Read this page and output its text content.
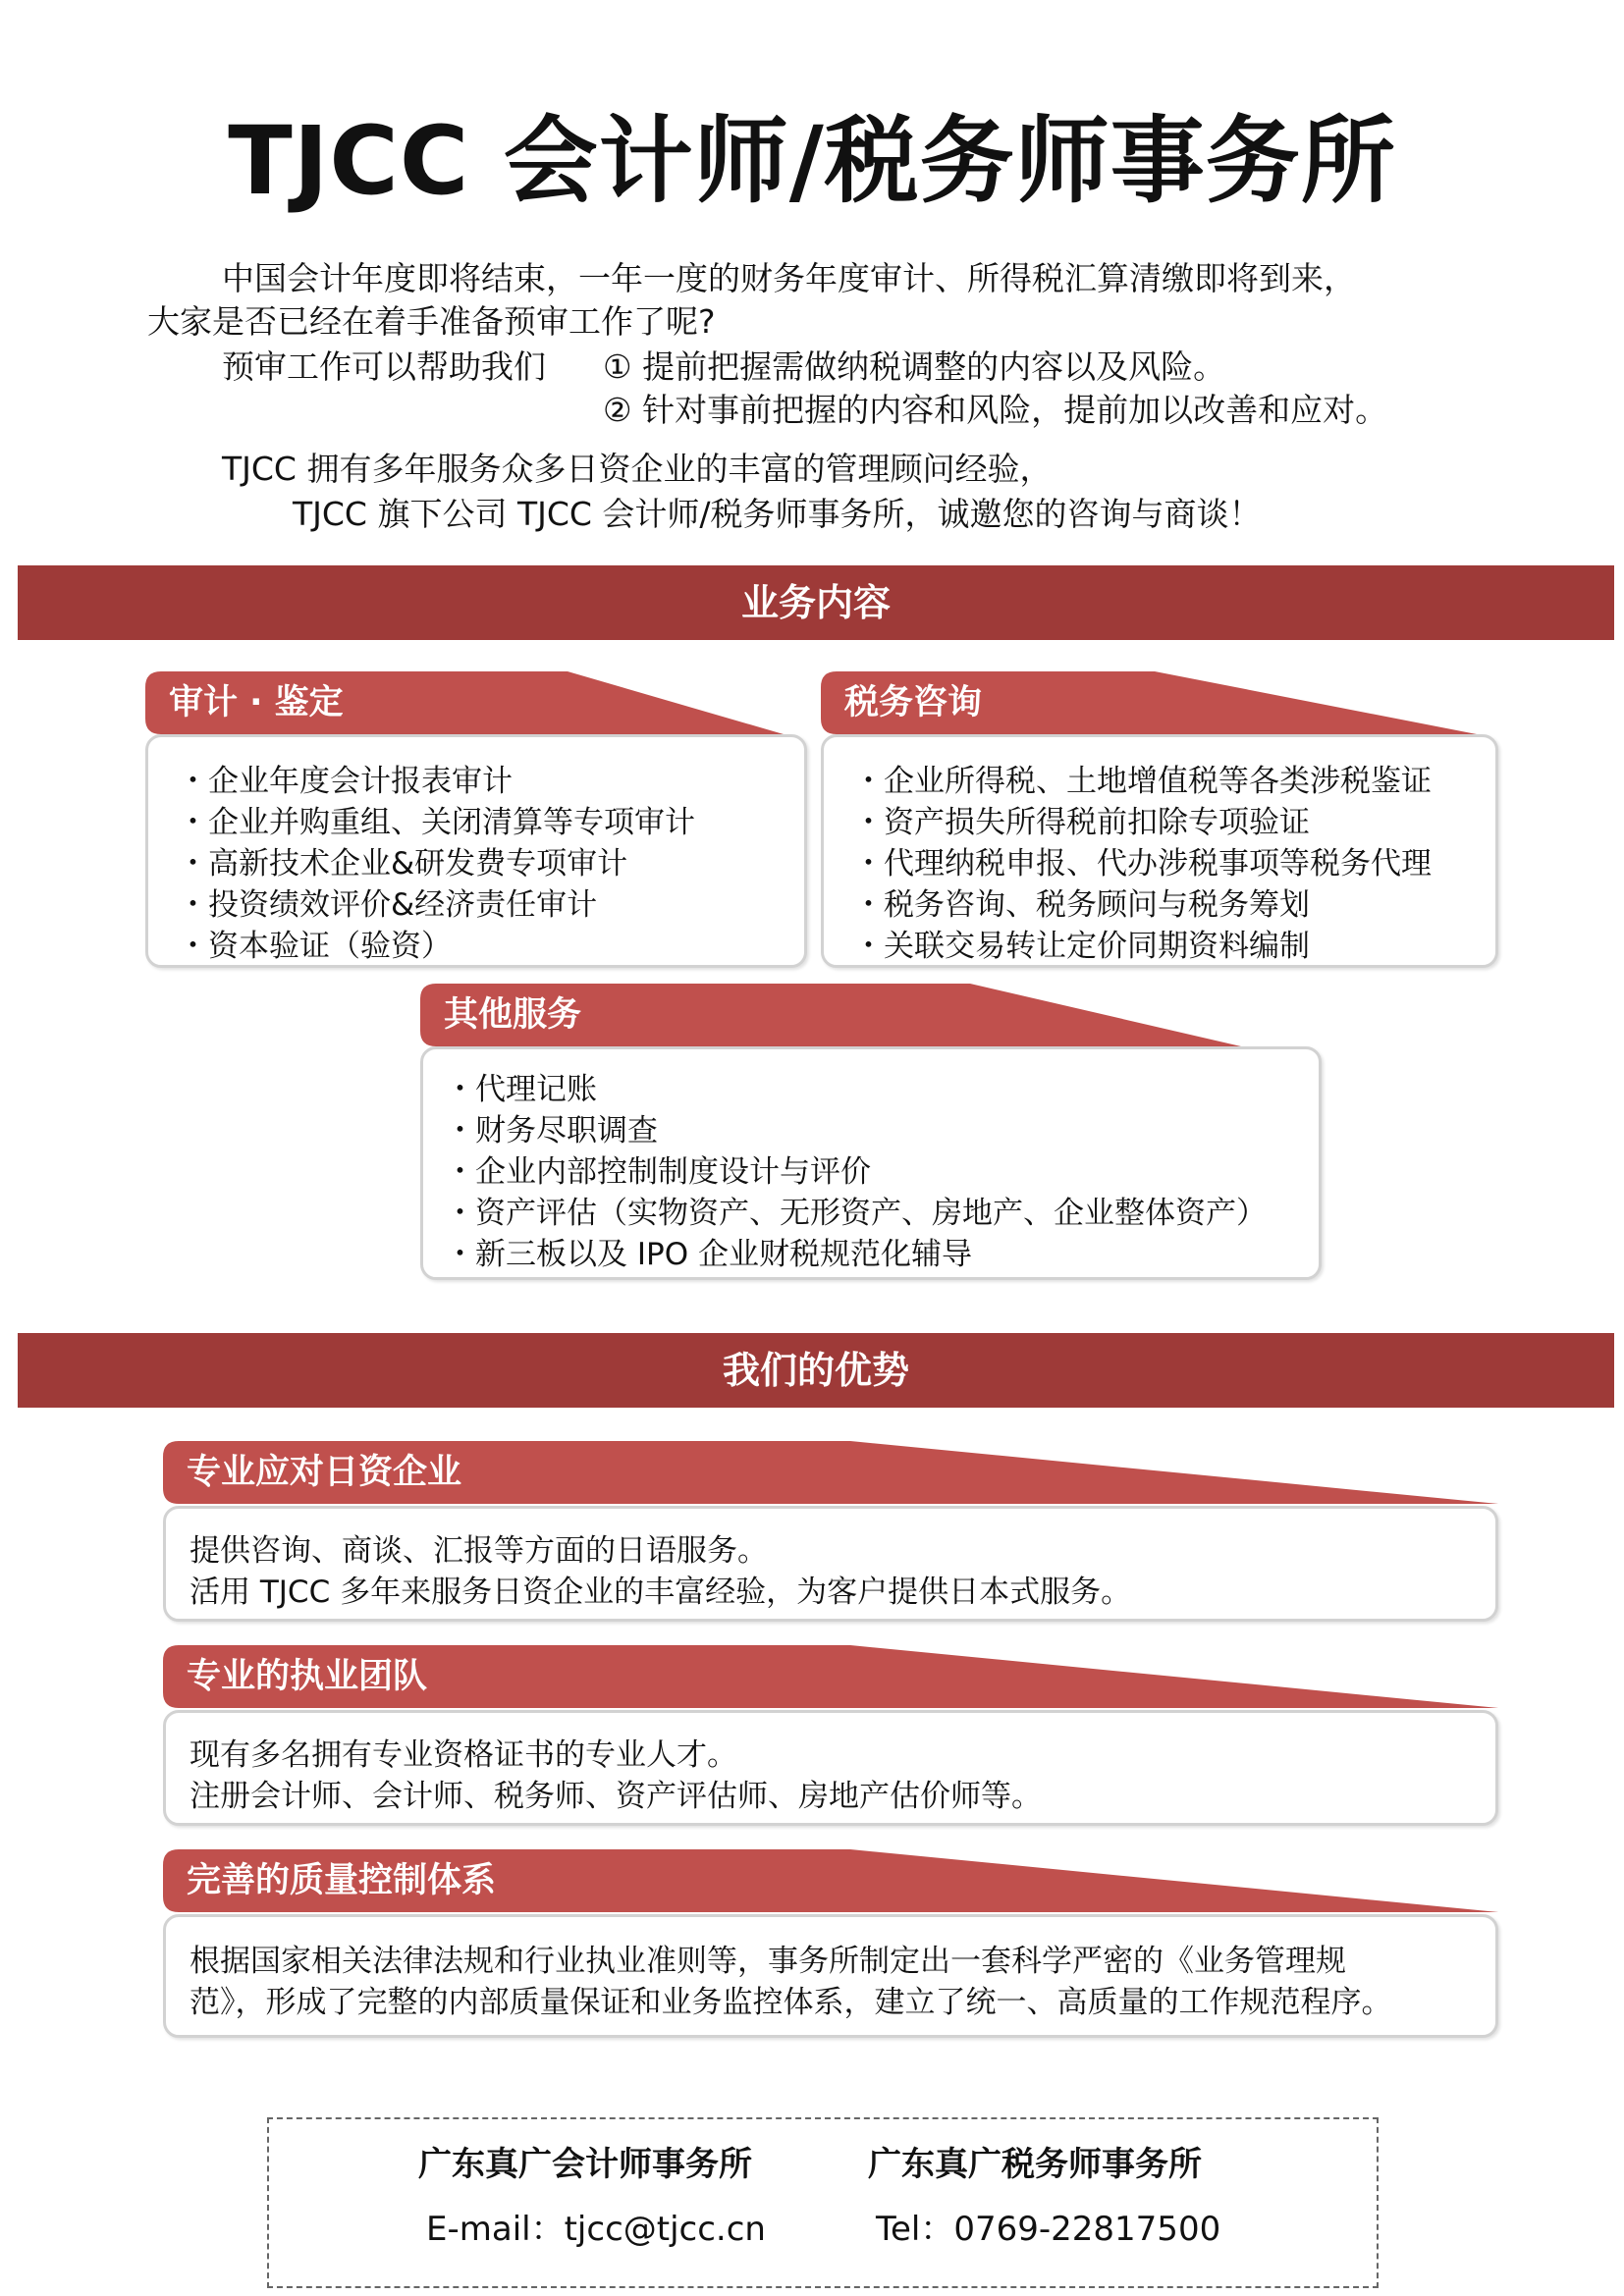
TJCC 会计师/税务师事务所
中国会计年度即将结束，一年一度的财务年度审计、所得税汇算清缴即将到来，
大家是否已经在着手准备预审工作了呢?
预审工作可以帮助我们 ① 提前把握需做纳税调整的内容以及风险。
② 针对事前把握的内容和风险，提前加以改善和应对。
TJCC 拥有多年服务众多日资企业的丰富的管理顾问经验，
TJCC 旗下公司 TJCC 会计师/税务师事务所，诚邀您的咨询与商谈！
业务内容
审计 · 鉴定
・企业年度会计报表审计
・企业并购重组、关闭清算等专项审计
・高新技术企业&研发费专项审计
・投资绩效评价&经济责任审计
・资本验证（验资）
税务咨询
・企业所得税、土地增值税等各类涉税鉴证
・资产损失所得税前扣除专项验证
・代理纳税申报、代办涉税事项等税务代理
・税务咨询、税务顾问与税务筹划
・关联交易转让定价同期资料编制
其他服务
・代理记账
・财务尽职调查
・企业内部控制制度设计与评价
・资产评估（实物资产、无形资产、房地产、企业整体资产）
・新三板以及 IPO 企业财税规范化辅导
我们的优势
专业应对日资企业

提供咨询、商谈、汇报等方面的日语服务。

活用 TJCC 多年来服务日资企业的丰富经验，为客户提供日本式服务。

专业的执业团队

现有多名拥有专业资格证书的专业人才。

注册会计师、会计师、税务师、资产评估师、房地产估价师等。

完善的质量控制体系

根据国家相关法律法规和行业执业准则等，事务所制定出一套科学严密的《业务管理规

范》，形成了完整的内部质量保证和业务监控体系，建立了统一、高质量的工作规范程序。

广东真广会计师事务所	广东真广税务师事务所
E-mail：tjcc@tjcc.cn	Tel：0769-22817500
